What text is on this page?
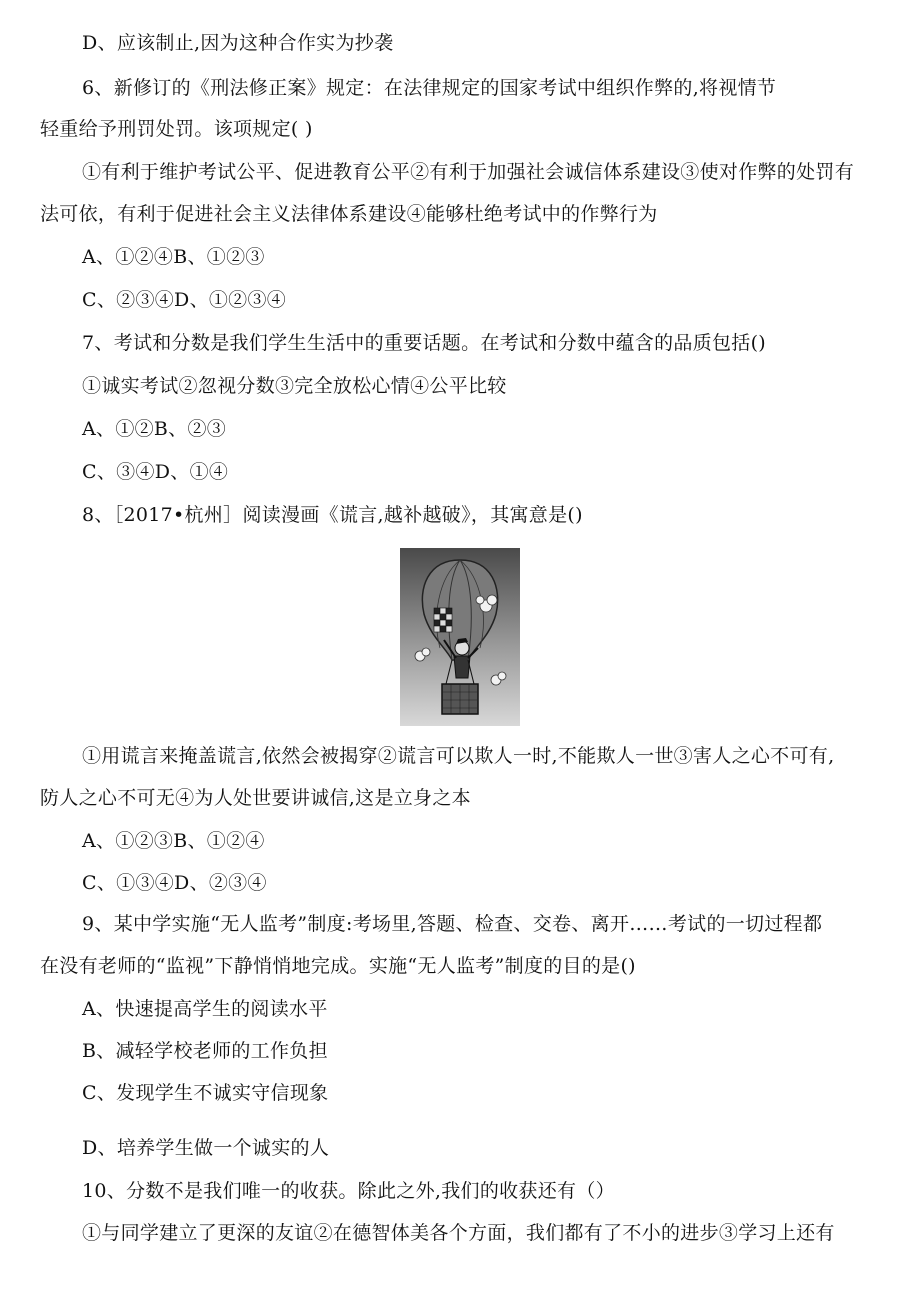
D、应该制止,因为这种合作实为抄袭
6、新修订的《刑法修正案》规定：在法律规定的国家考试中组织作弊的,将视情节
轻重给予刑罚处罚。该项规定( )
①有利于维护考试公平、促进教育公平②有利于加强社会诚信体系建设③使对作弊的处罚有
法可依，有利于促进社会主义法律体系建设④能够杜绝考试中的作弊行为
A、①②④B、①②③
C、②③④D、①②③④
7、考试和分数是我们学生生活中的重要话题。在考试和分数中蕴含的品质包括()
①诚实考试②忽视分数③完全放松心情④公平比较
A、①②B、②③
C、③④D、①④
8、［2017•杭州］阅读漫画《谎言,越补越破》，其寓意是()
①用谎言来掩盖谎言,依然会被揭穿②谎言可以欺人一时,不能欺人一世③害人之心不可有,
防人之心不可无④为人处世要讲诚信,这是立身之本
A、①②③B、①②④
C、①③④D、②③④
9、某中学实施“无人监考”制度:考场里,答题、检查、交卷、离开……考试的一切过程都
在没有老师的“监视”下静悄悄地完成。实施“无人监考”制度的目的是()
A、快速提高学生的阅读水平
B、减轻学校老师的工作负担
C、发现学生不诚实守信现象
D、培养学生做一个诚实的人
10、分数不是我们唯一的收获。除此之外,我们的收获还有（）
①与同学建立了更深的友谊②在德智体美各个方面，我们都有了不小的进步③学习上还有
